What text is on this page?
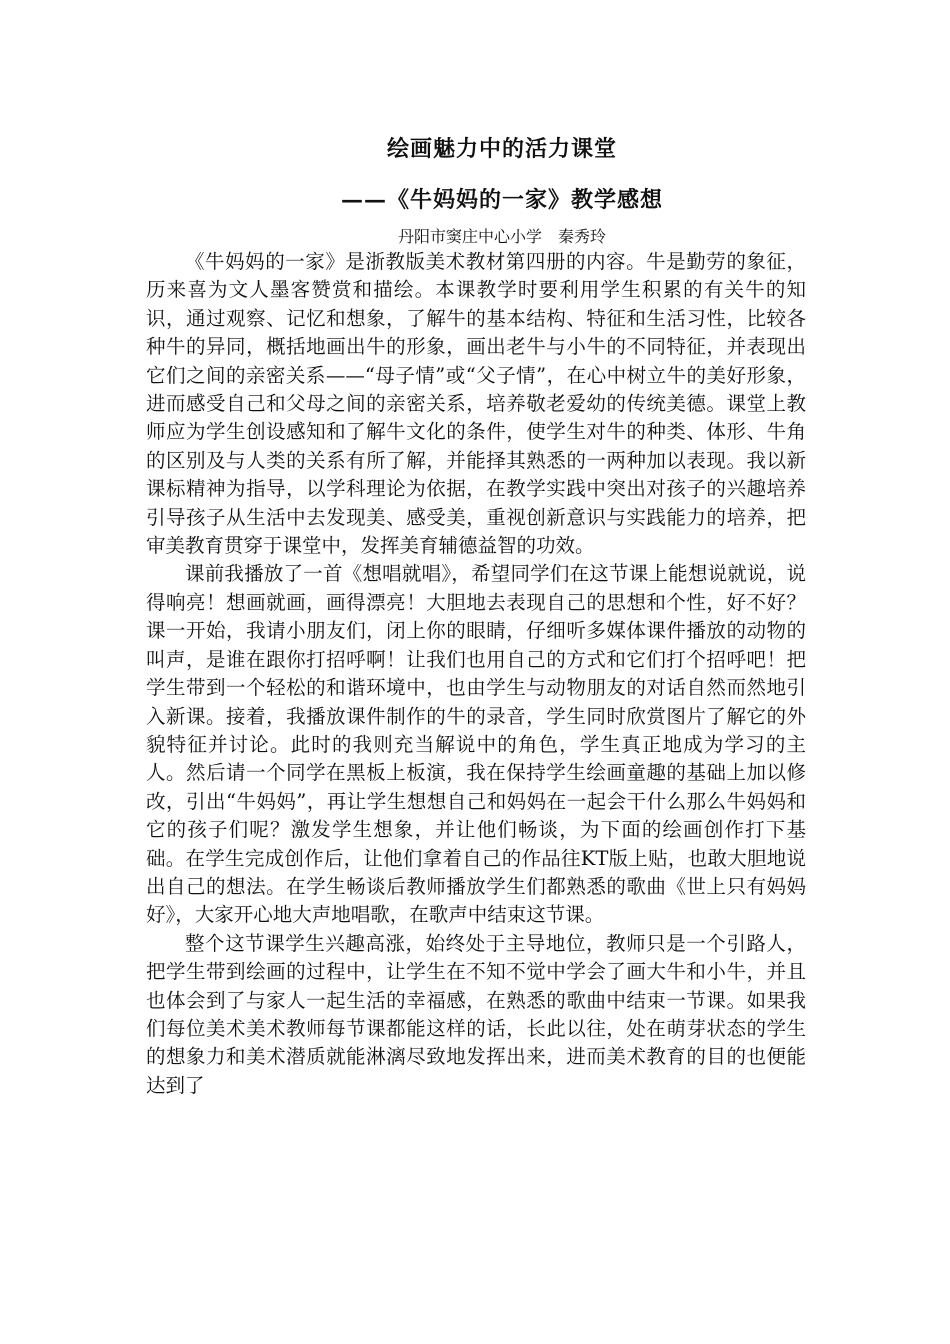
绘画魅力中的活力课堂
——《牛妈妈的一家》教学感想

丹阳市窦庄中心小学　秦秀玲

《牛妈妈的一家》是浙教版美术教材第四册的内容。牛是勤劳的象征，历来喜为文人墨客赞赏和描绘。本课教学时要利用学生积累的有关牛的知识，通过观察、记忆和想象，了解牛的基本结构、特征和生活习性，比较各种牛的异同，概括地画出牛的形象，画出老牛与小牛的不同特征，并表现出它们之间的亲密关系——“母子情”或“父子情”，在心中树立牛的美好形象，进而感受自己和父母之间的亲密关系，培养敬老爱幼的传统美德。课堂上教师应为学生创设感知和了解牛文化的条件，使学生对牛的种类、体形、牛角的区别及与人类的关系有所了解，并能择其熟悉的一两种加以表现。我以新课标精神为指导，以学科理论为依据，在教学实践中突出对孩子的兴趣培养引导孩子从生活中去发现美、感受美，重视创新意识与实践能力的培养，把审美教育贯穿于课堂中，发挥美育辅德益智的功效。

课前我播放了一首《想唱就唱》，希望同学们在这节课上能想说就说，说得响亮！想画就画，画得漂亮！大胆地去表现自己的思想和个性，好不好？课一开始，我请小朋友们，闭上你的眼睛，仔细听多媒体课件播放的动物的叫声，是谁在跟你打招呼啊！让我们也用自己的方式和它们打个招呼吧！把学生带到一个轻松的和谐环境中，也由学生与动物朋友的对话自然而然地引入新课。接着，我播放课件制作的牛的录音，学生同时欣赏图片了解它的外貌特征并讨论。此时的我则充当解说中的角色，学生真正地成为学习的主人。然后请一个同学在黑板上板演，我在保持学生绘画童趣的基础上加以修改，引出“牛妈妈”，再让学生想想自己和妈妈在一起会干什么那么牛妈妈和它的孩子们呢？激发学生想象，并让他们畅谈，为下面的绘画创作打下基础。在学生完成创作后，让他们拿着自己的作品往KT版上贴，也敢大胆地说出自己的想法。在学生畅谈后教师播放学生们都熟悉的歌曲《世上只有妈妈好》，大家开心地大声地唱歌，在歌声中结束这节课。

整个这节课学生兴趣高涨，始终处于主导地位，教师只是一个引路人，把学生带到绘画的过程中，让学生在不知不觉中学会了画大牛和小牛，并且也体会到了与家人一起生活的幸福感，在熟悉的歌曲中结束一节课。如果我们每位美术美术教师每节课都能这样的话，长此以往，处在萌芽状态的学生的想象力和美术潜质就能淋漓尽致地发挥出来，进而美术教育的目的也便能达到了
